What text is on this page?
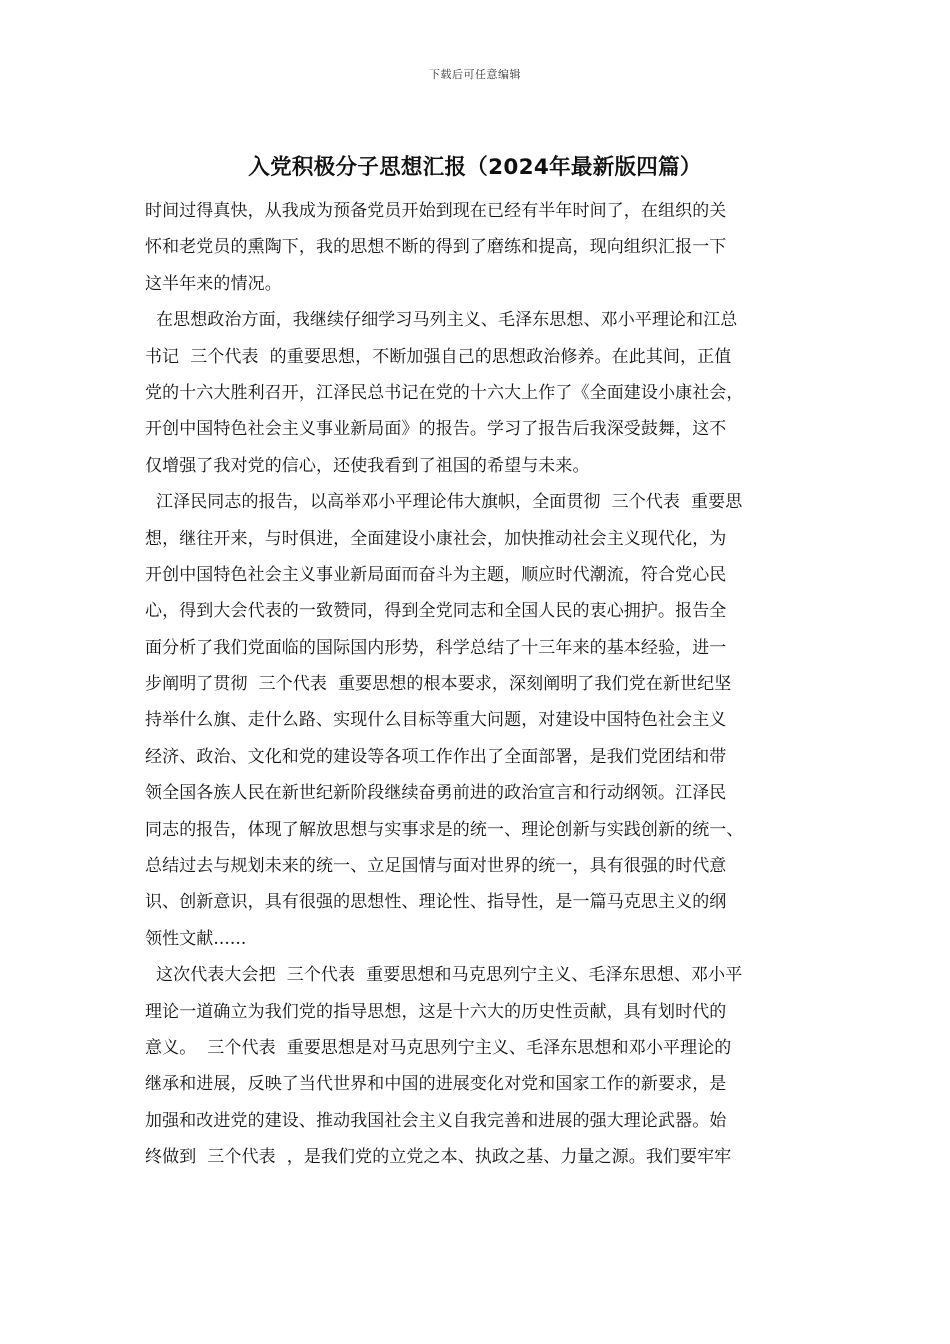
下载后可任意编辑
入党积极分子思想汇报（2024年最新版四篇）
时间过得真快，从我成为预备党员开始到现在已经有半年时间了，在组织的关
怀和老党员的熏陶下，我的思想不断的得到了磨练和提高，现向组织汇报一下
这半年来的情况。
在思想政治方面，我继续仔细学习马列主义、毛泽东思想、邓小平理论和江总
书记  三个代表  的重要思想，不断加强自己的思想政治修养。在此其间，正值
党的十六大胜利召开，江泽民总书记在党的十六大上作了《全面建设小康社会，
开创中国特色社会主义事业新局面》的报告。学习了报告后我深受鼓舞，这不
仅增强了我对党的信心，还使我看到了祖国的希望与未来。
江泽民同志的报告，以高举邓小平理论伟大旗帜，全面贯彻  三个代表  重要思
想，继往开来，与时俱进，全面建设小康社会，加快推动社会主义现代化，为
开创中国特色社会主义事业新局面而奋斗为主题，顺应时代潮流，符合党心民
心，得到大会代表的一致赞同，得到全党同志和全国人民的衷心拥护。报告全
面分析了我们党面临的国际国内形势，科学总结了十三年来的基本经验，进一
步阐明了贯彻  三个代表  重要思想的根本要求，深刻阐明了我们党在新世纪坚
持举什么旗、走什么路、实现什么目标等重大问题，对建设中国特色社会主义
经济、政治、文化和党的建设等各项工作作出了全面部署，是我们党团结和带
领全国各族人民在新世纪新阶段继续奋勇前进的政治宣言和行动纲领。江泽民
同志的报告，体现了解放思想与实事求是的统一、理论创新与实践创新的统一、
总结过去与规划未来的统一、立足国情与面对世界的统一，具有很强的时代意
识、创新意识，具有很强的思想性、理论性、指导性，是一篇马克思主义的纲
领性文献......
这次代表大会把  三个代表  重要思想和马克思列宁主义、毛泽东思想、邓小平
理论一道确立为我们党的指导思想，这是十六大的历史性贡献，具有划时代的
意义。  三个代表  重要思想是对马克思列宁主义、毛泽东思想和邓小平理论的
继承和进展，反映了当代世界和中国的进展变化对党和国家工作的新要求，是
加强和改进党的建设、推动我国社会主义自我完善和进展的强大理论武器。始
终做到  三个代表  ，是我们党的立党之本、执政之基、力量之源。我们要牢牢
